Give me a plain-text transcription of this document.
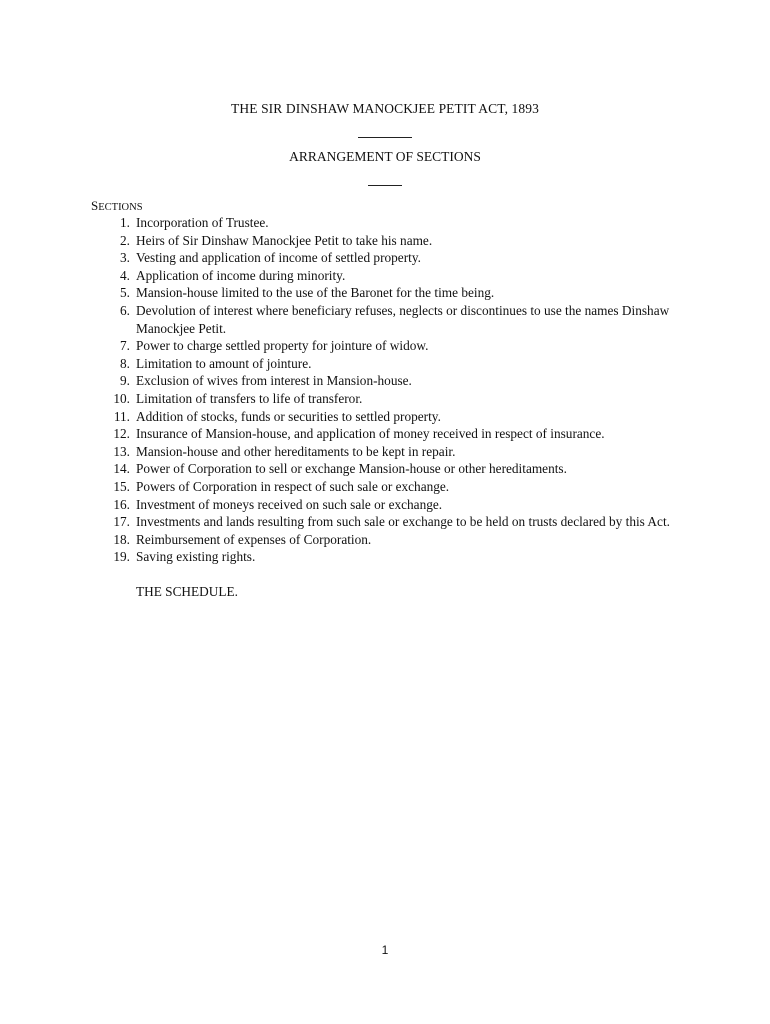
THE SIR DINSHAW MANOCKJEE PETIT ACT, 1893
ARRANGEMENT OF SECTIONS
SECTIONS
1. Incorporation of Trustee.
2. Heirs of Sir Dinshaw Manockjee Petit to take his name.
3. Vesting and application of income of settled property.
4. Application of income during minority.
5. Mansion-house limited to the use of the Baronet for the time being.
6. Devolution of interest where beneficiary refuses, neglects or discontinues to use the names Dinshaw Manockjee Petit.
7. Power to charge settled property for jointure of widow.
8. Limitation to amount of jointure.
9. Exclusion of wives from interest in Mansion-house.
10. Limitation of transfers to life of transferor.
11. Addition of stocks, funds or securities to settled property.
12. Insurance of Mansion-house, and application of money received in respect of insurance.
13. Mansion-house and other hereditaments to be kept in repair.
14. Power of Corporation to sell or exchange Mansion-house or other hereditaments.
15. Powers of Corporation in respect of such sale or exchange.
16. Investment of moneys received on such sale or exchange.
17. Investments and lands resulting from such sale or exchange to be held on trusts declared by this Act.
18. Reimbursement of expenses of Corporation.
19. Saving existing rights.
THE SCHEDULE.
1
